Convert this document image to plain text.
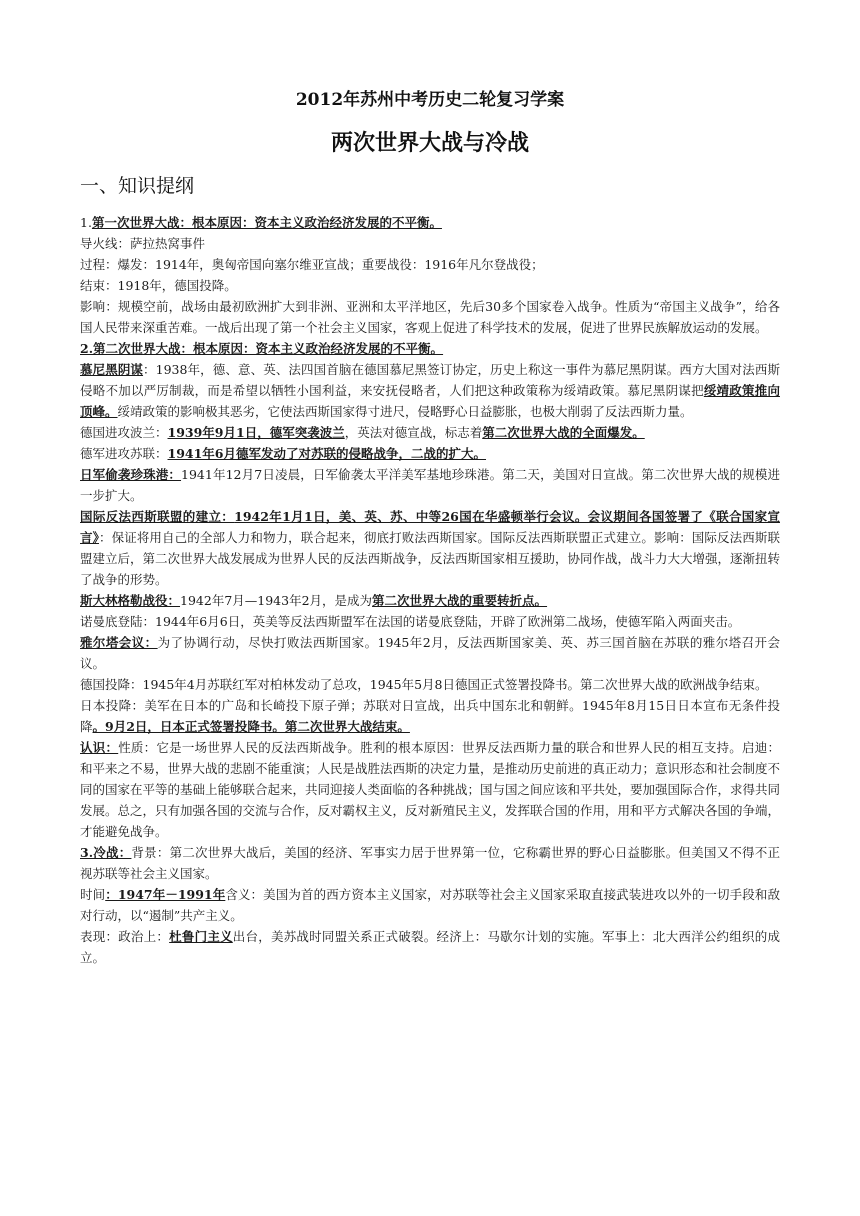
2012年苏州中考历史二轮复习学案
两次世界大战与冷战
一、知识提纲

1.第一次世界大战：根本原因：资本主义政治经济发展的不平衡。

导火线：萨拉热窝事件

过程：爆发：1914年，奥匈帝国向塞尔维亚宣战；重要战役：1916年凡尔登战役；

结束：1918年，德国投降。

影响：规模空前，战场由最初欧洲扩大到非洲、亚洲和太平洋地区，先后30多个国家卷入战争。性质为“帝国主义战争”，给各国人民带来深重苦难。一战后出现了第一个社会主义国家，客观上促进了科学技术的发展，促进了世界民族解放运动的发展。

2.第二次世界大战：根本原因：资本主义政治经济发展的不平衡。

慕尼黑阴谋：1938年，德、意、英、法四国首脑在德国慕尼黑签订协定，历史上称这一事件为慕尼黑阴谋。西方大国对法西斯侵略不加以严厉制裁，而是希望以牺牲小国利益，来安抚侵略者，人们把这种政策称为绥靖政策。慕尼黑阴谋把绥靖政策推向顶峰。绥靖政策的影响极其恶劣，它使法西斯国家得寸进尺，侵略野心日益膨胀，也极大削弱了反法西斯力量。

德国进攻波兰：1939年9月1日，德军突袭波兰，英法对德宣战，标志着第二次世界大战的全面爆发。

德军进攻苏联：1941年6月德军发动了对苏联的侵略战争，二战的扩大。

日军偷袭珍珠港：1941年12月7日凌晨，日军偷袭太平洋美军基地珍珠港。第二天，美国对日宣战。第二次世界大战的规模进一步扩大。

国际反法西斯联盟的建立：1942年1月1日，美、英、苏、中等26国在华盛顿举行会议。会议期间各国签署了《联合国家宣言》：保证将用自己的全部人力和物力，联合起来，彻底打败法西斯国家。国际反法西斯联盟正式建立。影响：国际反法西斯联盟建立后，第二次世界大战发展成为世界人民的反法西斯战争，反法西斯国家相互援助，协同作战，战斗力大大增强，逐渐扭转了战争的形势。

斯大林格勒战役：1942年7月—1943年2月，是成为第二次世界大战的重要转折点。

诺曼底登陆：1944年6月6日，英美等反法西斯盟军在法国的诺曼底登陆，开辟了欧洲第二战场，使德军陷入两面夹击。

雅尔塔会议：为了协调行动，尽快打败法西斯国家。1945年2月，反法西斯国家美、英、苏三国首脑在苏联的雅尔塔召开会议。

德国投降：1945年4月苏联红军对柏林发动了总攻，1945年5月8日德国正式签署投降书。第二次世界大战的欧洲战争结束。

日本投降：美军在日本的广岛和长崎投下原子弹；苏联对日宣战，出兵中国东北和朝鲜。1945年8月15日日本宣布无条件投降。9月2日，日本正式签署投降书。第二次世界大战结束。

认识：性质：它是一场世界人民的反法西斯战争。胜利的根本原因：世界反法西斯力量的联合和世界人民的相互支持。启迪：和平来之不易，世界大战的悲剧不能重演；人民是战胜法西斯的决定力量，是推动历史前进的真正动力；意识形态和社会制度不同的国家在平等的基础上能够联合起来，共同迎接人类面临的各种挑战；国与国之间应该和平共处，要加强国际合作，求得共同发展。总之，只有加强各国的交流与合作，反对霸权主义，反对新殖民主义，发挥联合国的作用，用和平方式解决各国的争端，才能避免战争。

3.冷战：背景：第二次世界大战后，美国的经济、军事实力居于世界第一位，它称霸世界的野心日益膨胀。但美国又不得不正视苏联等社会主义国家。

时间：1947年－1991年含义：美国为首的西方资本主义国家，对苏联等社会主义国家采取直接武装进攻以外的一切手段和敌对行动，以“遏制”共产主义。

表现：政治上：杜鲁门主义出台，美苏战时同盟关系正式破裂。经济上：马歇尔计划的实施。军事上：北大西洋公约组织的成立。
